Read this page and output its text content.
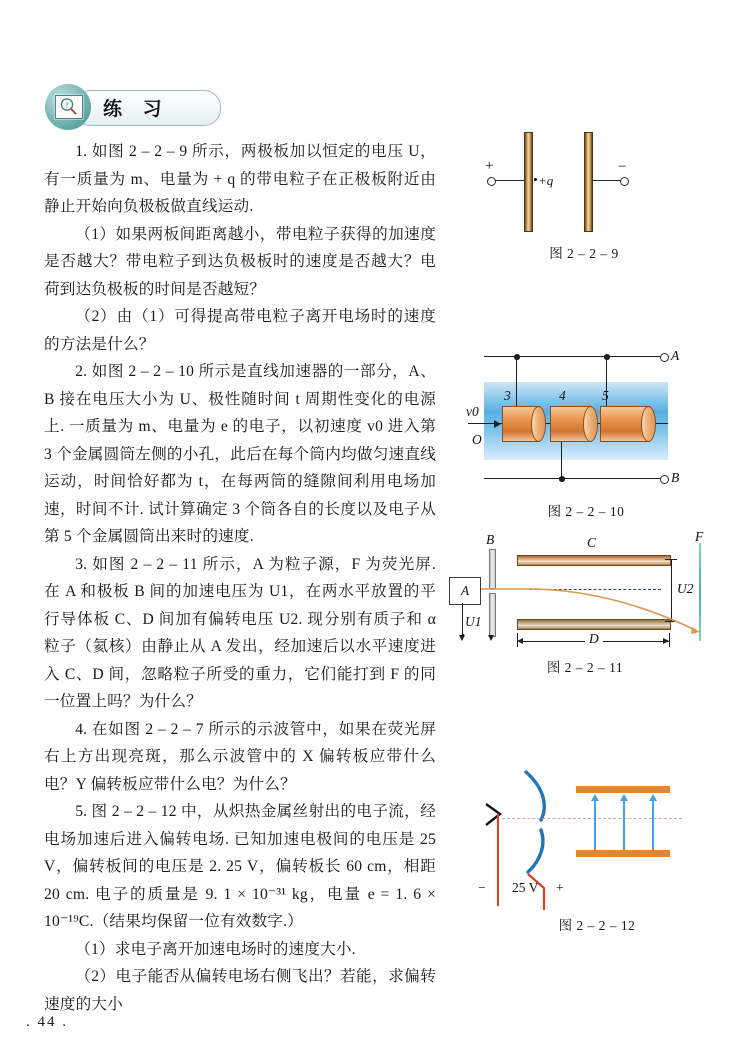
? 练 习

1. 如图 2 – 2 – 9 所示，两极板加以恒定的电压 U，有一质量为 m、电量为 + q 的带电粒子在正极板附近由静止开始向负极板做直线运动.

（1）如果两板间距离越小，带电粒子获得的加速度是否越大？带电粒子到达负极板时的速度是否越大？电荷到达负极板的时间是否越短？

（2）由（1）可得提高带电粒子离开电场时的速度的方法是什么？

2. 如图 2 – 2 – 10 所示是直线加速器的一部分，A、B 接在电压大小为 U、极性随时间 t 周期性变化的电源上. 一质量为 m、电量为 e 的电子，以初速度 v0 进入第 3 个金属圆筒左侧的小孔，此后在每个筒内均做匀速直线运动，时间恰好都为 t，在每两筒的缝隙间利用电场加速，时间不计. 试计算确定 3 个筒各自的长度以及电子从第 5 个金属圆筒出来时的速度.

3. 如图 2 – 2 – 11 所示，A 为粒子源，F 为荧光屏. 在 A 和极板 B 间的加速电压为 U1，在两水平放置的平行导体板 C、D 间加有偏转电压 U2. 现分别有质子和 α 粒子（氦核）由静止从 A 发出，经加速后以水平速度进入 C、D 间，忽略粒子所受的重力，它们能打到 F 的同一位置上吗？为什么？

4. 在如图 2 – 2 – 7 所示的示波管中，如果在荧光屏右上方出现亮斑，那么示波管中的 X 偏转板应带什么电？Y 偏转板应带什么电？为什么？

5. 图 2 – 2 – 12 中，从炽热金属丝射出的电子流，经电场加速后进入偏转电场. 已知加速电极间的电压是 25 V，偏转板间的电压是 2. 25 V，偏转板长 60 cm，相距 20 cm. 电子的质量是 9. 1 × 10⁻³¹ kg，电量 e = 1. 6 × 10⁻¹⁹C.（结果均保留一位有效数字.）

（1）求电子离开加速电场时的速度大小.

（2）电子能否从偏转电场右侧飞出？若能，求偏转速度的大小

+	−
+q
图 2 – 2 – 9
A
B
3	4	5
v0
O
图 2 – 2 – 10
A
B
U1
C
U2
D
F
图 2 – 2 – 11
− 25 V +
图 2 – 2 – 12
. 44 .
